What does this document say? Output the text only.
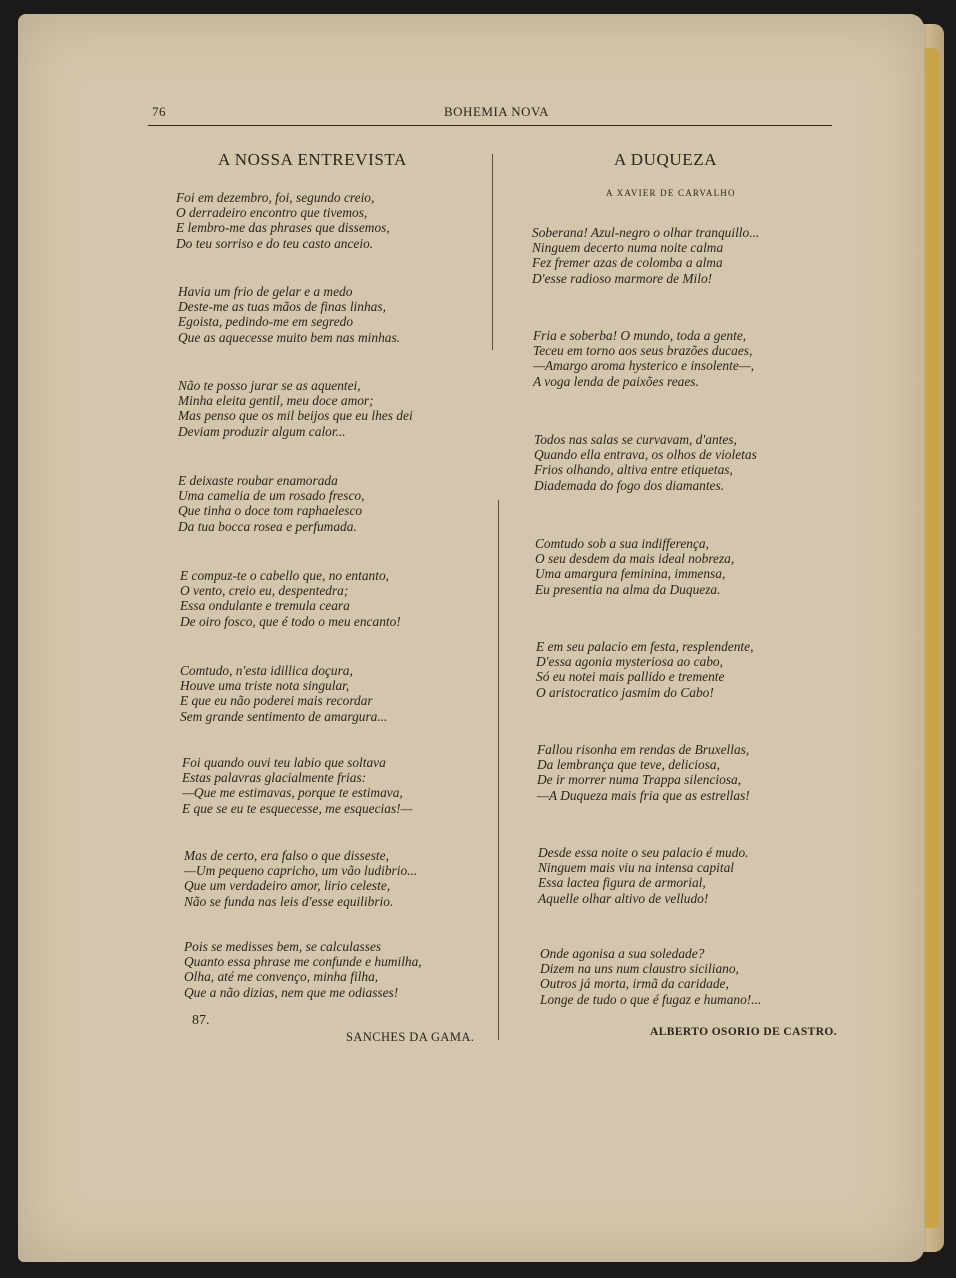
76	BOHEMIA NOVA
A NOSSA ENTREVISTA
Foi em dezembro, foi, segundo creio,
O derradeiro encontro que tivemos,
E lembro-me das phrases que dissemos,
Do teu sorriso e do teu casto anceio.
Havia um frio de gelar e a medo
Deste-me as tuas mãos de finas linhas,
Egoista, pedindo-me em segredo
Que as aquecesse muito bem nas minhas.
Não te posso jurar se as aquentei,
Minha eleita gentil, meu doce amor;
Mas penso que os mil beijos que eu lhes dei
Deviam produzir algum calor...
E deixaste roubar enamorada
Uma camelia de um rosado fresco,
Que tinha o doce tom raphaelesco
Da tua bocca rosea e perfumada.
E compuz-te o cabello que, no entanto,
O vento, creio eu, despentedra;
Essa ondulante e tremula ceara
De oiro fosco, que é todo o meu encanto!
Comtudo, n'esta idillica doçura,
Houve uma triste nota singular,
E que eu não poderei mais recordar
Sem grande sentimento de amargura...
Foi quando ouvi teu labio que soltava
Estas palavras glacialmente frias:
—Que me estimavas, porque te estimava,
E que se eu te esquecesse, me esquecias!—
Mas de certo, era falso o que disseste,
—Um pequeno capricho, um vão ludibrio...
Que um verdadeiro amor, lirio celeste,
Não se funda nas leis d'esse equilibrio.
Pois se medisses bem, se calculasses
Quanto essa phrase me confunde e humilha,
Olha, até me convenço, minha filha,
Que a não dizias, nem que me odiasses!
87.
SANCHES DA GAMA.
A DUQUEZA
A XAVIER DE CARVALHO
Soberana! Azul-negro o olhar tranquillo...
Ninguem decerto numa noite calma
Fez fremer azas de colomba a alma
D'esse radioso marmore de Milo!
Fria e soberba! O mundo, toda a gente,
Teceu em torno aos seus brazões ducaes,
—Amargo aroma hysterico e insolente—,
A voga lenda de paixões reaes.
Todos nas salas se curvavam, d'antes,
Quando ella entrava, os olhos de violetas
Frios olhando, altiva entre etiquetas,
Diademada do fogo dos diamantes.
Comtudo sob a sua indifferença,
O seu desdem da mais ideal nobreza,
Uma amargura feminina, immensa,
Eu presentia na alma da Duqueza.
E em seu palacio em festa, resplendente,
D'essa agonia mysteriosa ao cabo,
Só eu notei mais pallido e tremente
O aristocratico jasmim do Cabo!
Fallou risonha em rendas de Bruxellas,
Da lembrança que teve, deliciosa,
De ir morrer numa Trappa silenciosa,
—A Duqueza mais fria que as estrellas!
Desde essa noite o seu palacio é mudo.
Ninguem mais viu na intensa capital
Essa lactea figura de armorial,
Aquelle olhar altivo de velludo!
Onde agonisa a sua soledade?
Dizem na uns num claustro siciliano,
Outros já morta, irmã da caridade,
Longe de tudo o que é fugaz e humano!...
ALBERTO OSORIO DE CASTRO.
